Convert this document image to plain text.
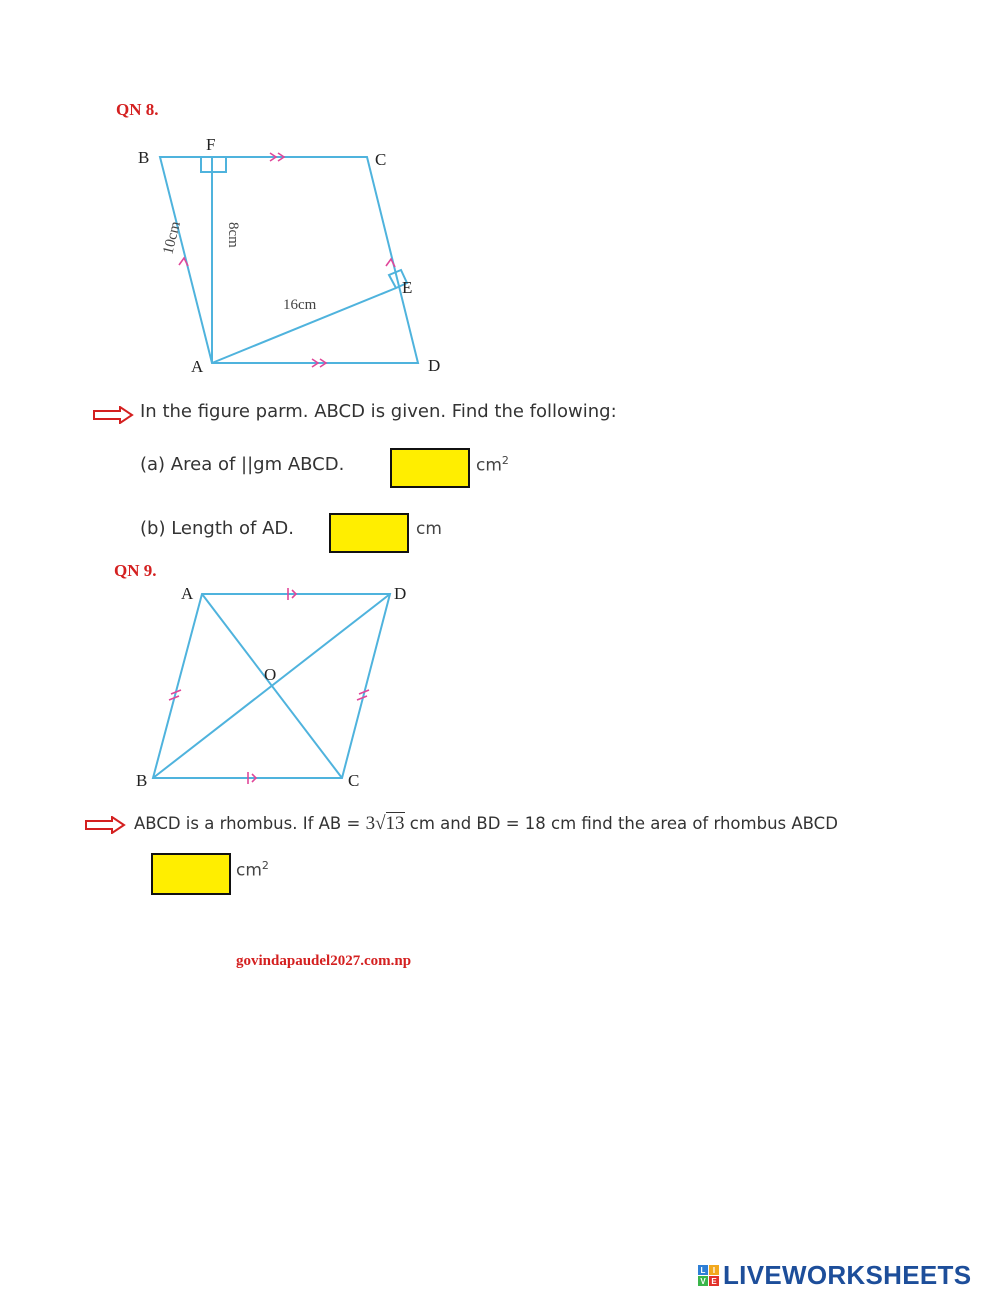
QN 8.
B
F
C
E
A	D
10cm	8cm
16cm
In the figure parm. ABCD is given. Find the following:
(a) Area of ||gm ABCD.	$cm^2$
(b) Length of AD.	cm
QN 9.
A	D
O
B	C
ABCD is a rhombus. If AB = 3√13 cm and BD = 18 cm find the area of rhombus ABCD
$cm^2$
govindapaudel2027.com.np
L I
V E LIVEWORKSHEETS
